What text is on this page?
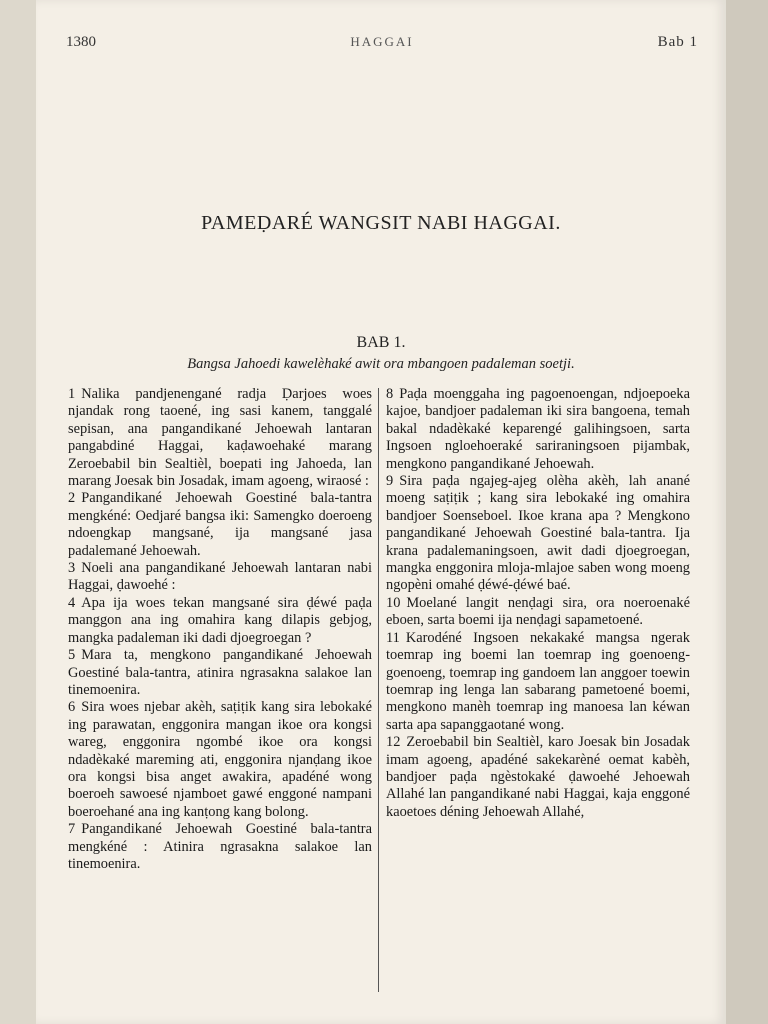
1380	HAGGAI	Bab 1
PAMEḌARÉ WANGSIT NABI HAGGAI.
BAB 1.
Bangsa Jahoedi kawelèhaké awit ora mbangoen padaleman soetji.

1 Nalika pandjenengané radja Ḍarjoes woes njandak rong taoené, ing sasi kanem, tanggalé sepisan, ana pangandikané Jehoewah lantaran pangabdiné Haggai, kaḍawoehaké marang Zeroebabil bin Sealtièl, boepati ing Jahoeda, lan marang Joesak bin Josadak, imam agoeng, wiraosé :

2 Pangandikané Jehoewah Goestiné bala-tantra mengkéné: Oedjaré bangsa iki: Samengko doeroeng ndoengkap mangsané, ija mangsané jasa padalemané Jehoewah.

3 Noeli ana pangandikané Jehoewah lantaran nabi Haggai, ḍawoehé :

4 Apa ija woes tekan mangsané sira ḍéwé paḍa manggon ana ing omahira kang dilapis gebjog, mangka padaleman iki dadi djoegroegan ?

5 Mara ta, mengkono pangandikané Jehoewah Goestiné bala-tantra, atinira ngrasakna salakoe lan tinemoenira.

6 Sira woes njebar akèh, saṭiṭik kang sira lebokaké ing parawatan, enggonira mangan ikoe ora kongsi wareg, enggonira ngombé ikoe ora kongsi ndadèkaké mareming ati, enggonira njanḍang ikoe ora kongsi bisa anget awakira, apadéné wong boeroeh sawoesé njamboet gawé enggoné nampani boeroehané ana ing kanṭong kang bolong.

7 Pangandikané Jehoewah Goestiné bala-tantra mengkéné : Atinira ngrasakna salakoe lan tinemoenira.

8 Paḍa moenggaha ing pagoenoengan, ndjoepoeka kajoe, bandjoer padaleman iki sira bangoena, temah bakal ndadèkaké keparengé galihingsoen, sarta Ingsoen ngloehoeraké sariraningsoen pijambak, mengkono pangandikané Jehoewah.

9 Sira paḍa ngajeg-ajeg olèha akèh, lah anané moeng saṭiṭik ; kang sira lebokaké ing omahira bandjoer Soenseboel. Ikoe krana apa ? Mengkono pangandikané Jehoewah Goestiné bala-tantra. Ija krana padalemaningsoen, awit dadi djoegroegan, mangka enggonira mloja-mlajoe saben wong moeng ngopèni omahé ḍéwé-ḍéwé baé.

10 Moelané langit nenḍagi sira, ora noeroenaké eboen, sarta boemi ija nenḍagi sapametoené.

11 Karodéné Ingsoen nekakaké mangsa ngerak toemrap ing boemi lan toemrap ing goenoeng-goenoeng, toemrap ing gandoem lan anggoer toewin toemrap ing lenga lan sabarang pametoené boemi, mengkono manèh toemrap ing manoesa lan kéwan sarta apa sapanggaotané wong.

12 Zeroebabil bin Sealtièl, karo Joesak bin Josadak imam agoeng, apadéné sakekarèné oemat kabèh, bandjoer paḍa ngèstokaké ḍawoehé Jehoewah Allahé lan pangandikané nabi Haggai, kaja enggoné kaoetoes déning Jehoewah Allahé,
